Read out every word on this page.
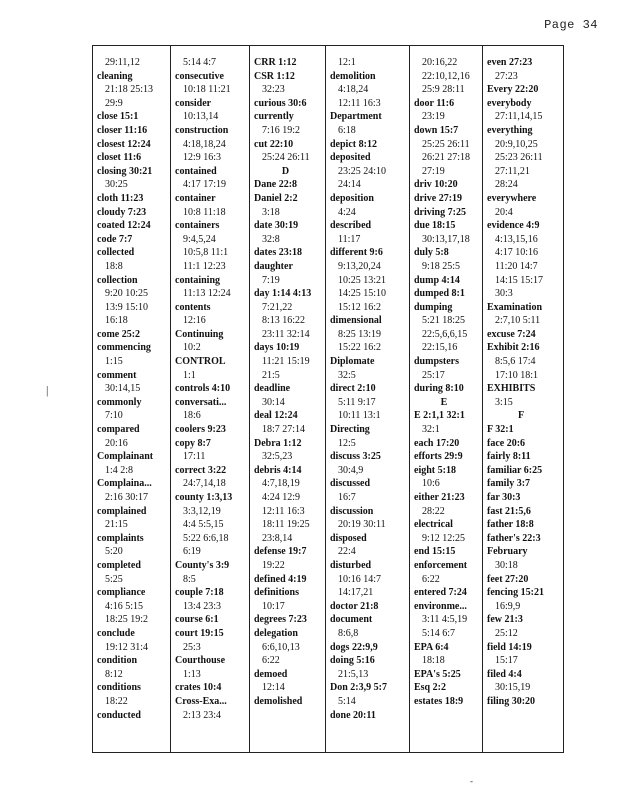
Page 34
|
-
29:11,12
cleaning
21:18 25:13
29:9
close 15:1
closer 11:16
closest 12:24
closet 11:6
closing 30:21
30:25
cloth 11:23
cloudy 7:23
coated 12:24
code 7:7
collected
18:8
collection
9:20 10:25
13:9 15:10
16:18
come 25:2
commencing
1:15
comment
30:14,15
commonly
7:10
compared
20:16
Complainant
1:4 2:8
Complaina...
2:16 30:17
complained
21:15
complaints
5:20
completed
5:25
compliance
4:16 5:15
18:25 19:2
conclude
19:12 31:4
condition
8:12
conditions
18:22
conducted
5:14 4:7
consecutive
10:18 11:21
consider
10:13,14
construction
4:18,18,24
12:9 16:3
contained
4:17 17:19
container
10:8 11:18
containers
9:4,5,24
10:5,8 11:1
11:1 12:23
containing
11:13 12:24
contents
12:16
Continuing
10:2
CONTROL
1:1
controls 4:10
conversati...
18:6
coolers 9:23
copy 8:7
17:11
correct 3:22
24:7,14,18
county 1:3,13
3:3,12,19
4:4 5:5,15
5:22 6:6,18
6:19
County's 3:9
8:5
couple 7:18
13:4 23:3
course 6:1
court 19:15
25:3
Courthouse
1:13
crates 10:4
Cross-Exa...
2:13 23:4
CRR 1:12
CSR 1:12
32:23
curious 30:6
currently
7:16 19:2
cut 22:10
25:24 26:11
D
Dane 22:8
Daniel 2:2
3:18
date 30:19
32:8
dates 23:18
daughter
7:19
day 1:14 4:13
7:21,22
8:13 16:22
23:11 32:14
days 10:19
11:21 15:19
21:5
deadline
30:14
deal 12:24
18:7 27:14
Debra 1:12
32:5,23
debris 4:14
4:7,18,19
4:24 12:9
12:11 16:3
18:11 19:25
23:8,14
defense 19:7
19:22
defined 4:19
definitions
10:17
degrees 7:23
delegation
6:6,10,13
6:22
demoed
12:14
demolished
12:1
demolition
4:18,24
12:11 16:3
Department
6:18
depict 8:12
deposited
23:25 24:10
24:14
deposition
4:24
described
11:17
different 9:6
9:13,20,24
10:25 13:21
14:25 15:10
15:12 16:2
dimensional
8:25 13:19
15:22 16:2
Diplomate
32:5
direct 2:10
5:11 9:17
10:11 13:1
Directing
12:5
discuss 3:25
30:4,9
discussed
16:7
discussion
20:19 30:11
disposed
22:4
disturbed
10:16 14:7
14:17,21
doctor 21:8
document
8:6,8
dogs 22:9,9
doing 5:16
21:5,13
Don 2:3,9 5:7
5:14
done 20:11
20:16,22
22:10,12,16
25:9 28:11
door 11:6
23:19
down 15:7
25:25 26:11
26:21 27:18
27:19
driv 10:20
drive 27:19
driving 7:25
due 18:15
30:13,17,18
duly 5:8
9:18 25:5
dump 4:14
dumped 8:1
dumping
5:21 18:25
22:5,6,6,15
22:15,16
dumpsters
25:17
during 8:10
E
E 2:1,1 32:1
32:1
each 17:20
efforts 29:9
eight 5:18
10:6
either 21:23
28:22
electrical
9:12 12:25
end 15:15
enforcement
6:22
entered 7:24
environme...
3:11 4:5,19
5:14 6:7
EPA 6:4
18:18
EPA's 5:25
Esq 2:2
estates 18:9
even 27:23
27:23
Every 22:20
everybody
27:11,14,15
everything
20:9,10,25
25:23 26:11
27:11,21
28:24
everywhere
20:4
evidence 4:9
4:13,15,16
4:17 10:16
11:20 14:7
14:15 15:17
30:3
Examination
2:7,10 5:11
excuse 7:24
Exhibit 2:16
8:5,6 17:4
17:10 18:1
EXHIBITS
3:15
F
F 32:1
face 20:6
fairly 8:11
familiar 6:25
family 3:7
far 30:3
fast 21:5,6
father 18:8
father's 22:3
February
30:18
feet 27:20
fencing 15:21
16:9,9
few 21:3
25:12
field 14:19
15:17
filed 4:4
30:15,19
filing 30:20
